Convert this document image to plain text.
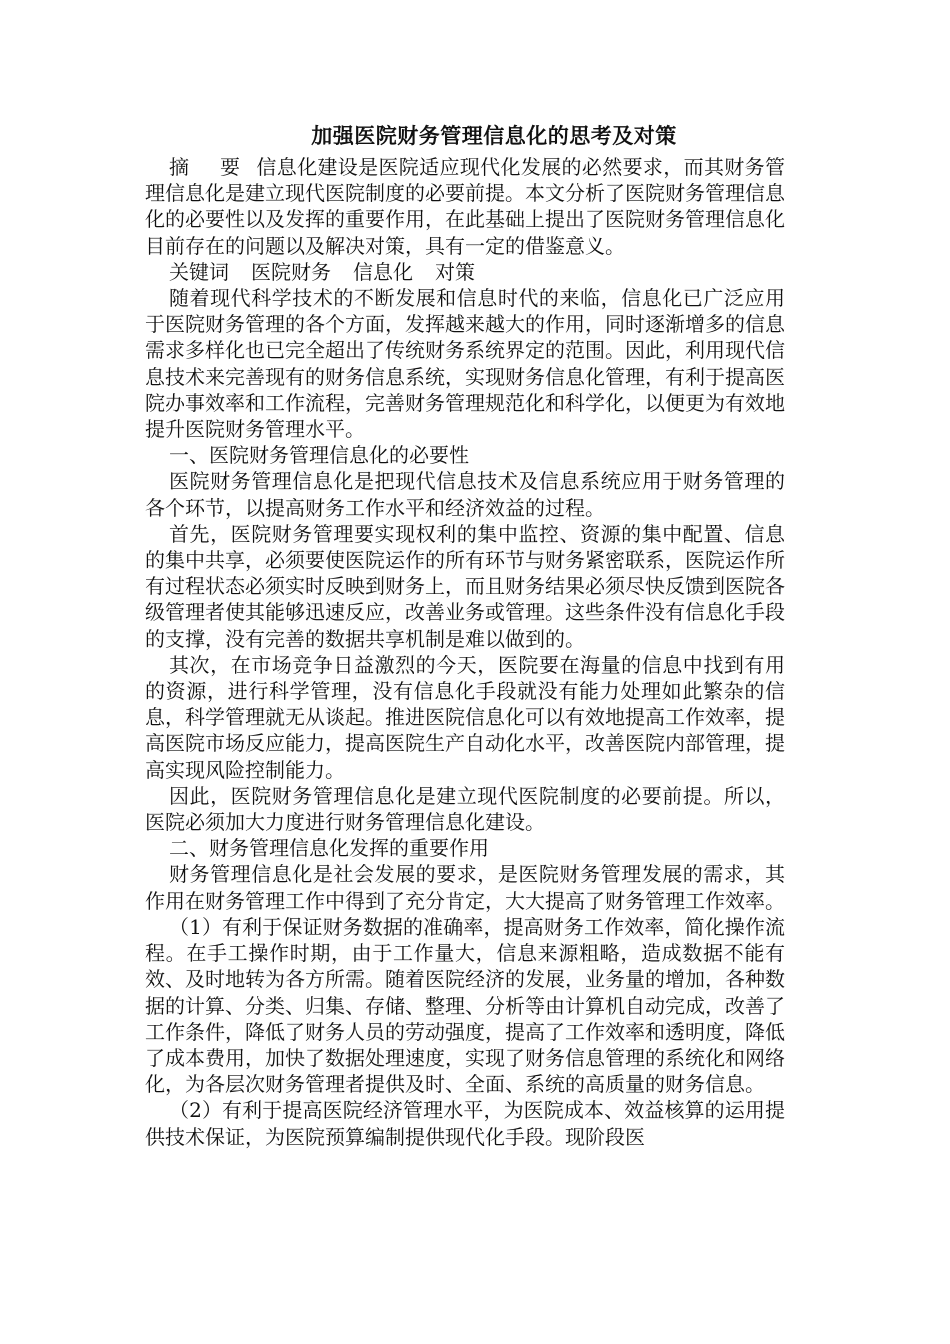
加强医院财务管理信息化的思考及对策

摘 要 信息化建设是医院适应现代化发展的必然要求，而其财务管理信息化是建立现代医院制度的必要前提。本文分析了医院财务管理信息化的必要性以及发挥的重要作用，在此基础上提出了医院财务管理信息化目前存在的问题以及解决对策，具有一定的借鉴意义。

关键词 医院财务 信息化 对策

随着现代科学技术的不断发展和信息时代的来临，信息化已广泛应用于医院财务管理的各个方面，发挥越来越大的作用，同时逐渐增多的信息需求多样化也已完全超出了传统财务系统界定的范围。因此，利用现代信息技术来完善现有的财务信息系统，实现财务信息化管理，有利于提高医院办事效率和工作流程，完善财务管理规范化和科学化，以便更为有效地提升医院财务管理水平。

一、医院财务管理信息化的必要性

医院财务管理信息化是把现代信息技术及信息系统应用于财务管理的各个环节，以提高财务工作水平和经济效益的过程。

首先，医院财务管理要实现权利的集中监控、资源的集中配置、信息的集中共享，必须要使医院运作的所有环节与财务紧密联系，医院运作所有过程状态必须实时反映到财务上，而且财务结果必须尽快反馈到医院各级管理者使其能够迅速反应，改善业务或管理。这些条件没有信息化手段的支撑，没有完善的数据共享机制是难以做到的。

其次，在市场竞争日益激烈的今天，医院要在海量的信息中找到有用的资源，进行科学管理，没有信息化手段就没有能力处理如此繁杂的信息，科学管理就无从谈起。推进医院信息化可以有效地提高工作效率，提高医院市场反应能力，提高医院生产自动化水平，改善医院内部管理，提高实现风险控制能力。

因此，医院财务管理信息化是建立现代医院制度的必要前提。所以，医院必须加大力度进行财务管理信息化建设。

二、财务管理信息化发挥的重要作用

财务管理信息化是社会发展的要求，是医院财务管理发展的需求，其作用在财务管理工作中得到了充分肯定，大大提高了财务管理工作效率。

（1）有利于保证财务数据的准确率，提高财务工作效率，简化操作流程。在手工操作时期，由于工作量大，信息来源粗略，造成数据不能有效、及时地转为各方所需。随着医院经济的发展，业务量的增加，各种数据的计算、分类、归集、存储、整理、分析等由计算机自动完成，改善了工作条件，降低了财务人员的劳动强度，提高了工作效率和透明度，降低了成本费用，加快了数据处理速度，实现了财务信息管理的系统化和网络化，为各层次财务管理者提供及时、全面、系统的高质量的财务信息。

（2）有利于提高医院经济管理水平，为医院成本、效益核算的运用提供技术保证，为医院预算编制提供现代化手段。现阶段医
